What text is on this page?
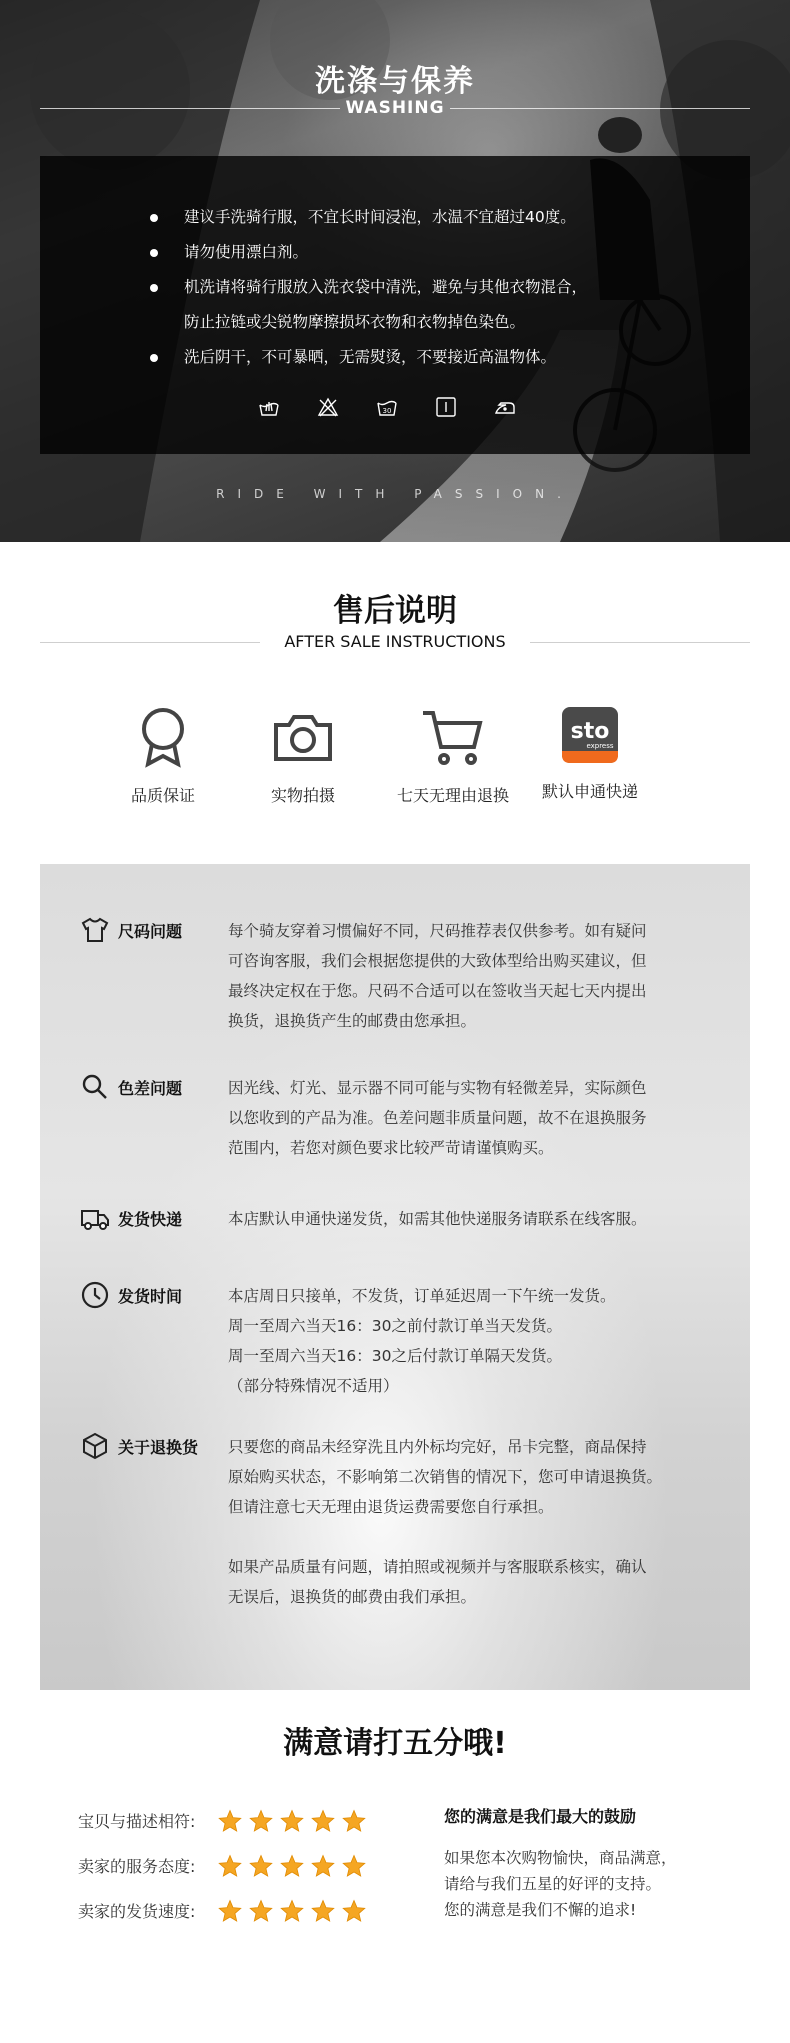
洗涤与保养
WASHING
建议手洗骑行服，不宜长时间浸泡，水温不宜超过40度。
请勿使用漂白剂。
机洗请将骑行服放入洗衣袋中清洗，避免与其他衣物混合，
防止拉链或尖锐物摩擦损坏衣物和衣物掉色染色。
洗后阴干，不可暴晒，无需熨烫，不要接近高温物体。
30
RIDE WITH PASSION.
售后说明
AFTER SALE INSTRUCTIONS
品质保证	实物拍摄	七天无理由退换
sto
express
默认申通快递
尺码问题	每个骑友穿着习惯偏好不同，尺码推荐表仅供参考。如有疑问

可咨询客服，我们会根据您提供的大致体型给出购买建议，但

最终决定权在于您。尺码不合适可以在签收当天起七天内提出

换货，退换货产生的邮费由您承担。

色差问题	因光线、灯光、显示器不同可能与实物有轻微差异，实际颜色

以您收到的产品为准。色差问题非质量问题，故不在退换服务

范围内，若您对颜色要求比较严苛请谨慎购买。

发货快递	本店默认申通快递发货，如需其他快递服务请联系在线客服。

发货时间	本店周日只接单，不发货，订单延迟周一下午统一发货。

周一至周六当天16：30之前付款订单当天发货。

周一至周六当天16：30之后付款订单隔天发货。

（部分特殊情况不适用）

关于退换货 只要您的商品未经穿洗且内外标均完好，吊卡完整，商品保持

原始购买状态，不影响第二次销售的情况下，您可申请退换货。

但请注意七天无理由退货运费需要您自行承担。

如果产品质量有问题，请拍照或视频并与客服联系核实，确认

无误后，退换货的邮费由我们承担。

满意请打五分哦!
宝贝与描述相符:
卖家的服务态度:
卖家的发货速度:
您的满意是我们最大的鼓励
如果您本次购物愉快，商品满意，
请给与我们五星的好评的支持。
您的满意是我们不懈的追求!
